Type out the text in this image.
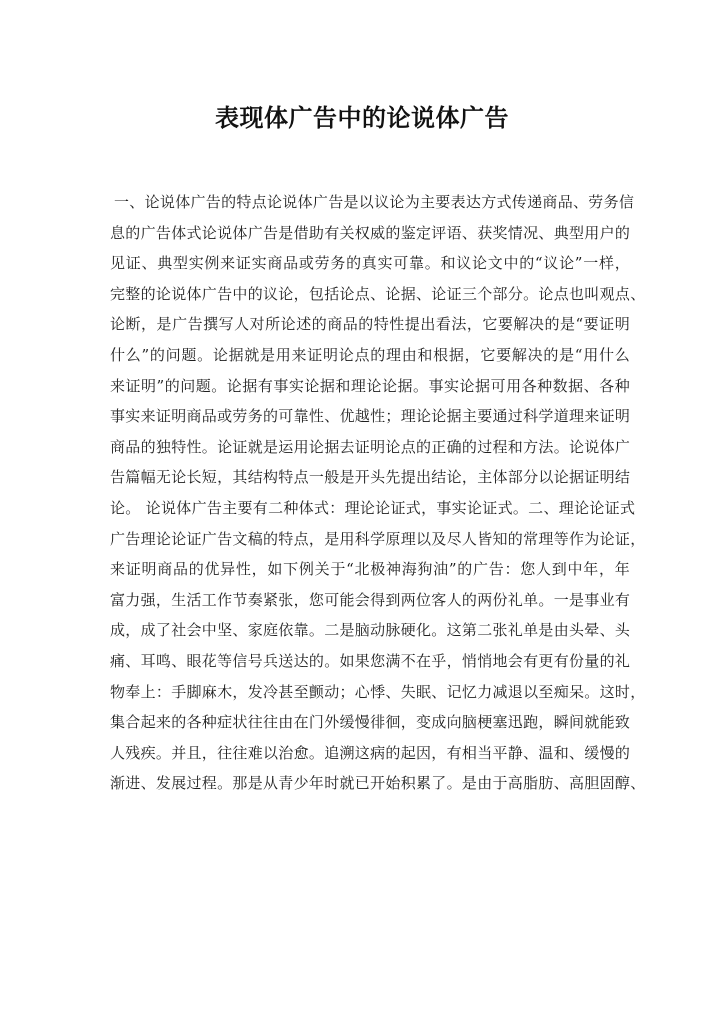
表现体广告中的论说体广告
一、论说体广告的特点论说体广告是以议论为主要表达方式传递商品、劳务信
息的广告体式论说体广告是借助有关权威的鉴定评语、获奖情况、典型用户的
见证、典型实例来证实商品或劳务的真实可靠。和议论文中的“议论”一样，
完整的论说体广告中的议论，包括论点、论据、论证三个部分。论点也叫观点、
论断，是广告撰写人对所论述的商品的特性提出看法，它要解决的是“要证明
什么”的问题。论据就是用来证明论点的理由和根据，它要解决的是“用什么
来证明”的问题。论据有事实论据和理论论据。事实论据可用各种数据、各种
事实来证明商品或劳务的可靠性、优越性；理论论据主要通过科学道理来证明
商品的独特性。论证就是运用论据去证明论点的正确的过程和方法。论说体广
告篇幅无论长短，其结构特点一般是开头先提出结论，主体部分以论据证明结
论。 论说体广告主要有二种体式：理论论证式，事实论证式。二、理论论证式
广告理论论证广告文稿的特点，是用科学原理以及尽人皆知的常理等作为论证，
来证明商品的优异性，如下例关于“北极神海狗油”的广告：您人到中年，年
富力强，生活工作节奏紧张，您可能会得到两位客人的两份礼单。一是事业有
成，成了社会中坚、家庭依靠。二是脑动脉硬化。这第二张礼单是由头晕、头
痛、耳鸣、眼花等信号兵送达的。如果您满不在乎，悄悄地会有更有份量的礼
物奉上：手脚麻木，发冷甚至颤动；心悸、失眠、记忆力减退以至痴呆。这时，
集合起来的各种症状往往由在门外缓慢徘徊，变成向脑梗塞迅跑，瞬间就能致
人残疾。并且，往往难以治愈。追溯这病的起因，有相当平静、温和、缓慢的
渐进、发展过程。那是从青少年时就已开始积累了。是由于高脂肪、高胆固醇、
